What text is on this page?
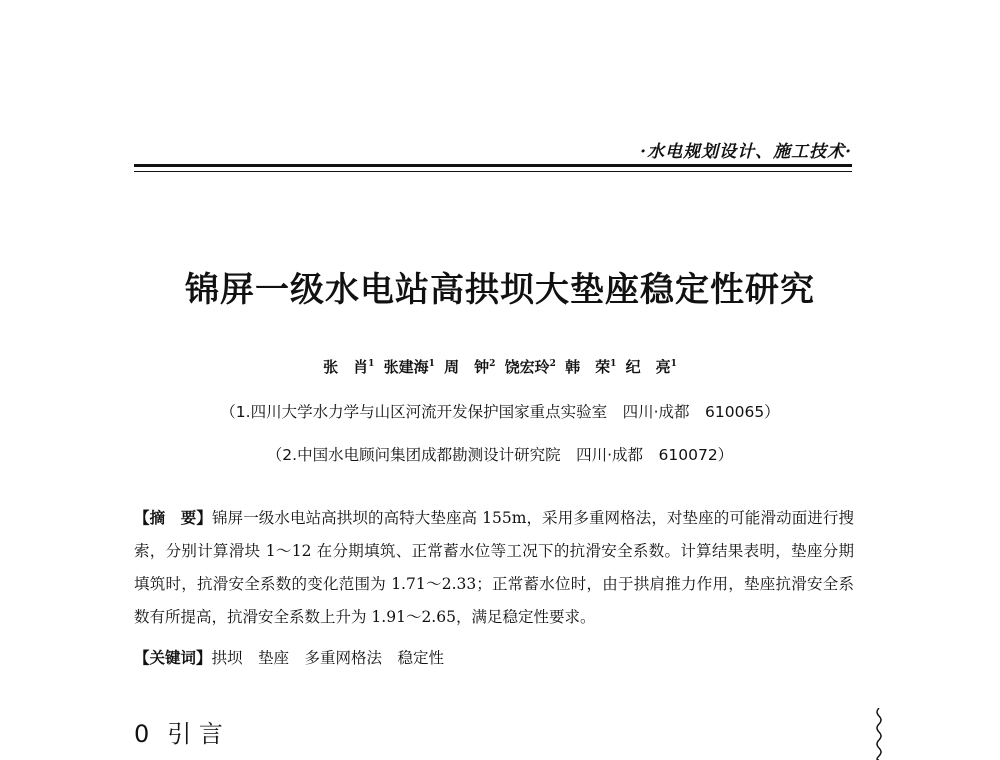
·水电规划设计、施工技术·
锦屏一级水电站高拱坝大垫座稳定性研究
张　肖$^1$ 张建海$^1$ 周　钟$^2$ 饶宏玲$^2$ 韩　荣$^1$ 纪　亮$^1$
（1.四川大学水力学与山区河流开发保护国家重点实验室　四川·成都　610065）
（2.中国水电顾问集团成都勘测设计研究院　四川·成都　610072）
【摘　要】锦屏一级水电站高拱坝的高特大垫座高 155m，采用多重网格法，对垫座的可能滑动面进行搜索，分别计算滑块 1～12 在分期填筑、正常蓄水位等工况下的抗滑安全系数。计算结果表明，垫座分期填筑时，抗滑安全系数的变化范围为 1.71～2.33；正常蓄水位时，由于拱肩推力作用，垫座抗滑安全系数有所提高，抗滑安全系数上升为 1.91～2.65，满足稳定性要求。
【关键词】拱坝　垫座　多重网格法　稳定性
0 引 言
